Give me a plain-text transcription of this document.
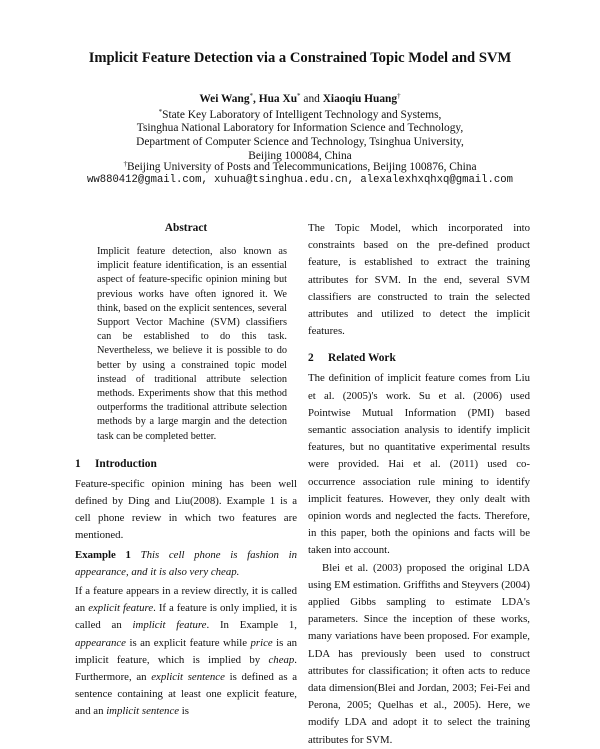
Implicit Feature Detection via a Constrained Topic Model and SVM
Wei Wang*, Hua Xu* and Xiaoqiu Huang†
*State Key Laboratory of Intelligent Technology and Systems,
Tsinghua National Laboratory for Information Science and Technology,
Department of Computer Science and Technology, Tsinghua University,
Beijing 100084, China
†Beijing University of Posts and Telecommunications, Beijing 100876, China
ww880412@gmail.com, xuhua@tsinghua.edu.cn, alexalexhxqhxq@gmail.com
Abstract

Implicit feature detection, also known as implicit feature identification, is an essential aspect of feature-specific opinion mining but previous works have often ignored it. We think, based on the explicit sentences, several Support Vector Machine (SVM) classifiers can be established to do this task. Nevertheless, we believe it is possible to do better by using a constrained topic model instead of traditional attribute selection methods. Experiments show that this method outperforms the traditional attribute selection methods by a large margin and the detection task can be completed better.

1 Introduction

Feature-specific opinion mining has been well defined by Ding and Liu(2008). Example 1 is a cell phone review in which two features are mentioned.

Example 1 This cell phone is fashion in appearance, and it is also very cheap.

If a feature appears in a review directly, it is called an explicit feature. If a feature is only implied, it is called an implicit feature. In Example 1, appearance is an explicit feature while price is an implicit feature, which is implied by cheap. Furthermore, an explicit sentence is defined as a sentence containing at least one explicit feature, and an implicit sentence is

The Topic Model, which incorporated into constraints based on the pre-defined product feature, is established to extract the training attributes for SVM. In the end, several SVM classifiers are constructed to train the selected attributes and utilized to detect the implicit features.

2 Related Work

The definition of implicit feature comes from Liu et al. (2005)'s work. Su et al. (2006) used Pointwise Mutual Information (PMI) based semantic association analysis to identify implicit features, but no quantitative experimental results were provided. Hai et al. (2011) used co-occurrence association rule mining to identify implicit features. However, they only dealt with opinion words and neglected the facts. Therefore, in this paper, both the opinions and facts will be taken into account.

Blei et al. (2003) proposed the original LDA using EM estimation. Griffiths and Steyvers (2004) applied Gibbs sampling to estimate LDA's parameters. Since the inception of these works, many variations have been proposed. For example, LDA has previously been used to construct attributes for classification; it often acts to reduce data dimension(Blei and Jordan, 2003; Fei-Fei and Perona, 2005; Quelhas et al., 2005). Here, we modify LDA and adopt it to select the training attributes for SVM.
